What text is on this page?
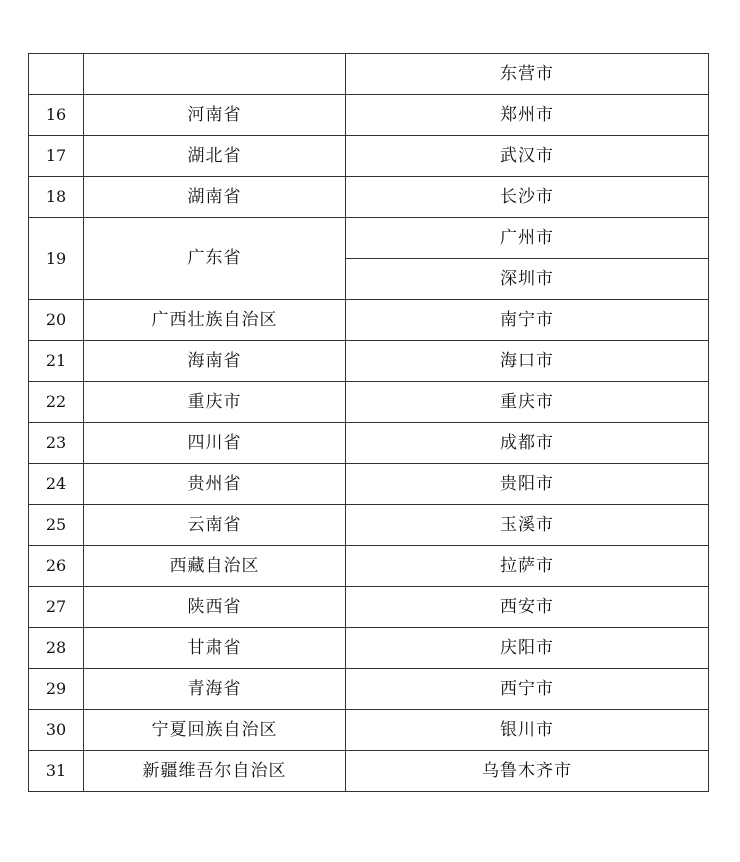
		东营市
16	河南省	郑州市
17	湖北省	武汉市
18	湖南省	长沙市
19	广东省	广州市
		深圳市
20	广西壮族自治区	南宁市
21	海南省	海口市
22	重庆市	重庆市
23	四川省	成都市
24	贵州省	贵阳市
25	云南省	玉溪市
26	西藏自治区	拉萨市
27	陕西省	西安市
28	甘肃省	庆阳市
29	青海省	西宁市
30	宁夏回族自治区	银川市
31	新疆维吾尔自治区	乌鲁木齐市
